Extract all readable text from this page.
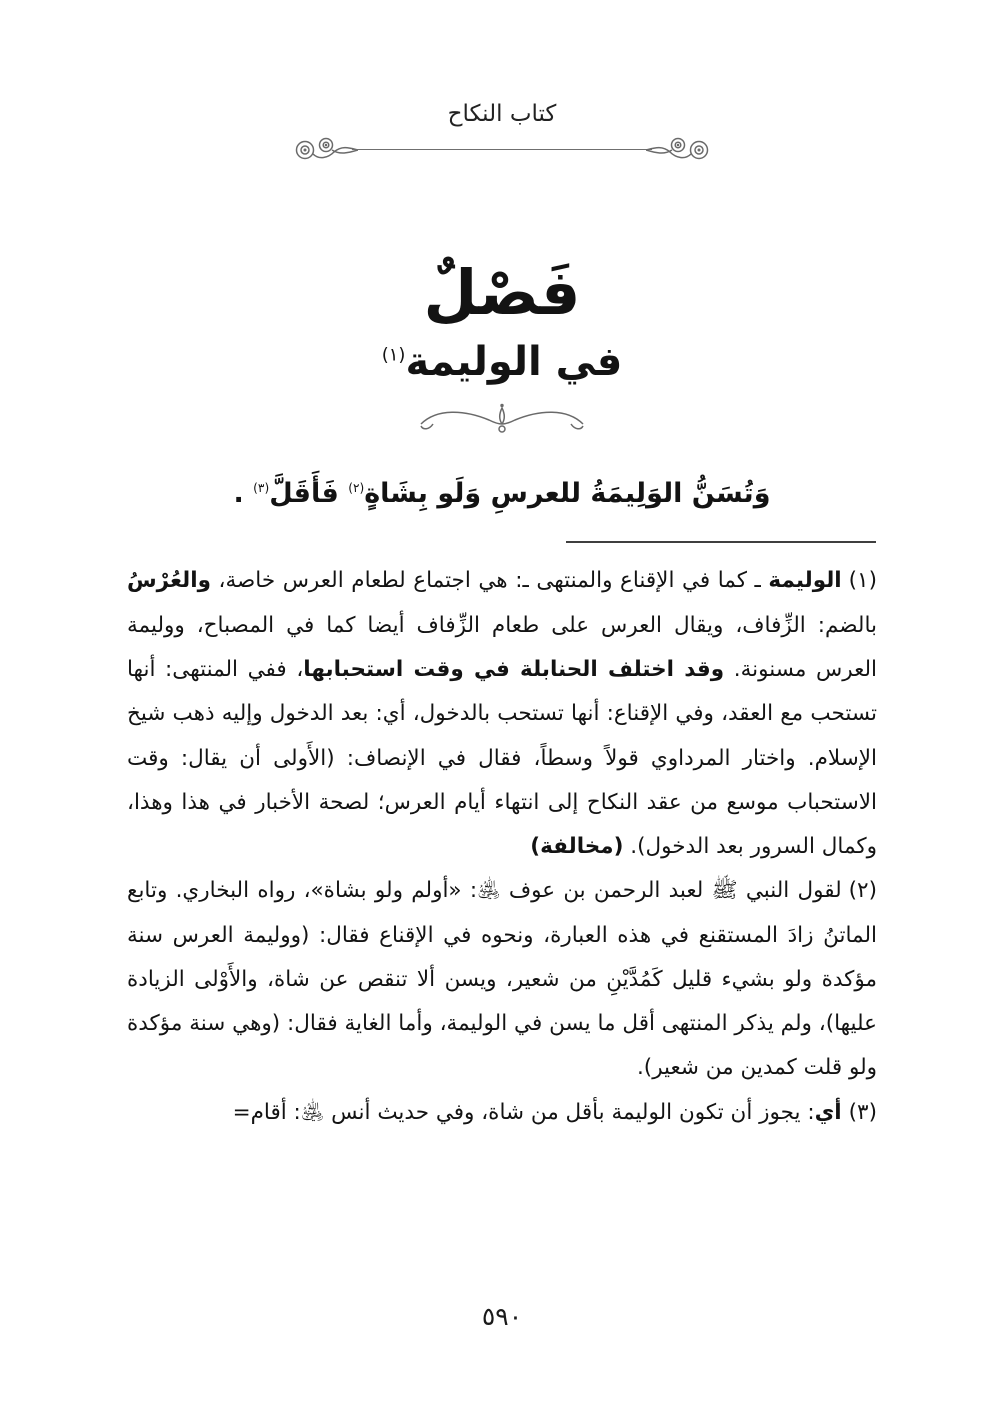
كتاب النكاح
فَصْلٌ
في الوليمة$^{(١)}$
وَتُسَنُّ الوَلِيمَةُ للعرسِ وَلَو بِشَاةٍ$^{(٢)}$ فَأَقَلَّ$^{(٣)}$ .

(١)الوليمة ـ كما في الإقناع والمنتهى ـ: هي اجتماع لطعام العرس خاصة، والعُرْسُ بالضم: الزِّفاف، ويقال العرس على طعام الزِّفاف أيضا كما في المصباح، ووليمة العرس مسنونة. وقد اختلف الحنابلة في وقت استحبابها، ففي المنتهى: أنها تستحب مع العقد، وفي الإقناع: أنها تستحب بالدخول، أي: بعد الدخول وإليه ذهب شيخ الإسلام. واختار المرداوي قولاً وسطاً، فقال في الإنصاف: (الأَولى أن يقال: وقت الاستحباب موسع من عقد النكاح إلى انتهاء أيام العرس؛ لصحة الأخبار في هذا وهذا، وكمال السرور بعد الدخول). (مخالفة)

(٢)لقول النبي ﷺ لعبد الرحمن بن عوف ﵁: «أولم ولو بشاة»، رواه البخاري. وتابع الماتنُ زادَ المستقنع في هذه العبارة، ونحوه في الإقناع فقال: (ووليمة العرس سنة مؤكدة ولو بشيء قليل كَمُدَّيْنِ من شعير، ويسن ألا تنقص عن شاة، والأَوْلى الزيادة عليها)، ولم يذكر المنتهى أقل ما يسن في الوليمة، وأما الغاية فقال: (وهي سنة مؤكدة ولو قلت كمدين من شعير).

(٣)أي: يجوز أن تكون الوليمة بأقل من شاة، وفي حديث أنس ﵁: أقام=

٥٩٠
